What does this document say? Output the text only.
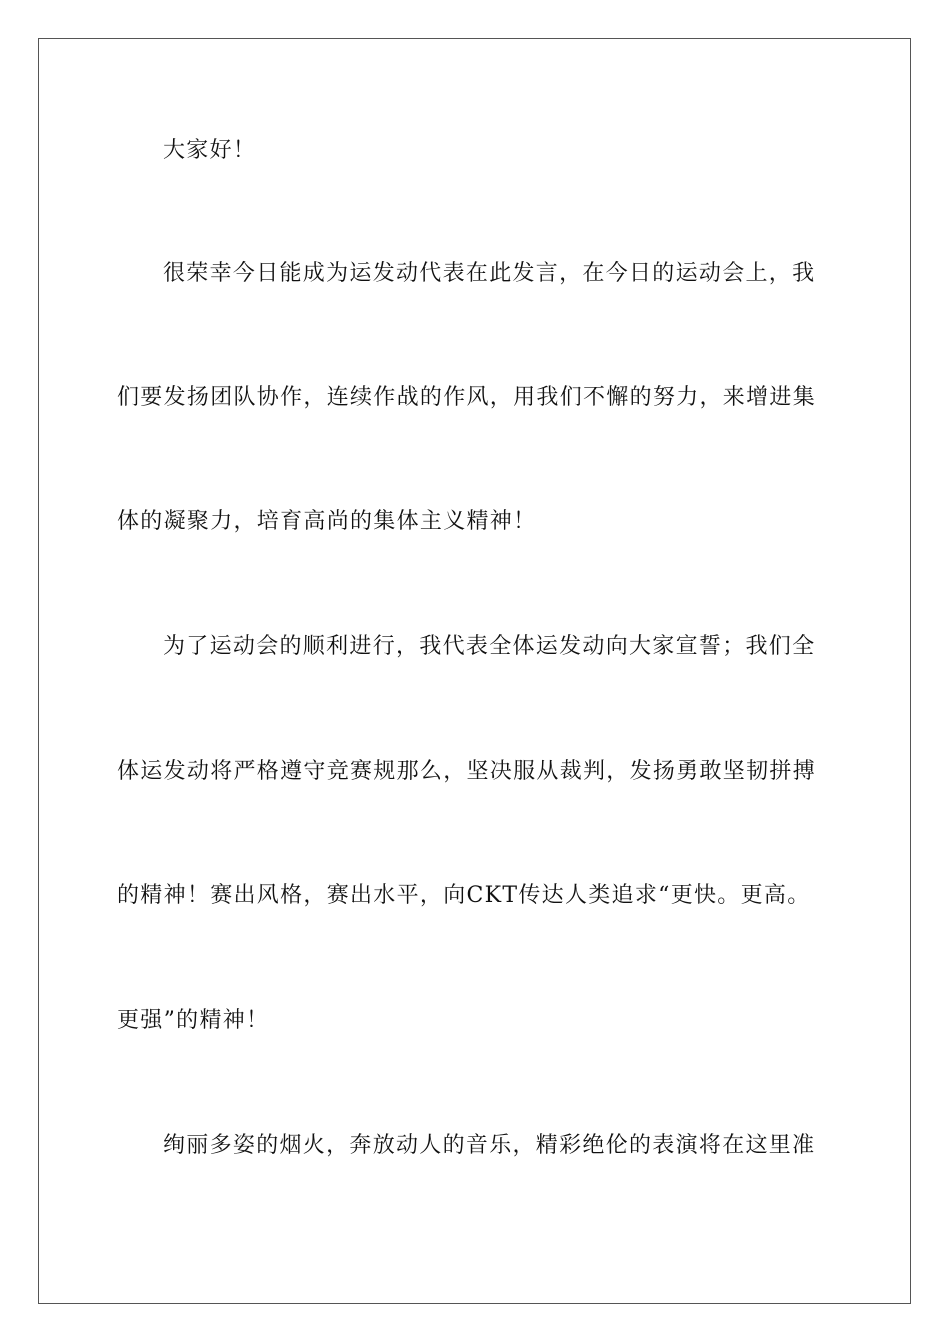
大家好！
很荣幸今日能成为运发动代表在此发言，在今日的运动会上，我
们要发扬团队协作，连续作战的作风，用我们不懈的努力，来增进集
体的凝聚力，培育高尚的集体主义精神！
为了运动会的顺利进行，我代表全体运发动向大家宣誓；我们全
体运发动将严格遵守竞赛规那么，坚决服从裁判，发扬勇敢坚韧拼搏
的精神！赛出风格，赛出水平，向CKT传达人类追求“更快。更高。
更强”的精神！
绚丽多姿的烟火，奔放动人的音乐，精彩绝伦的表演将在这里准
